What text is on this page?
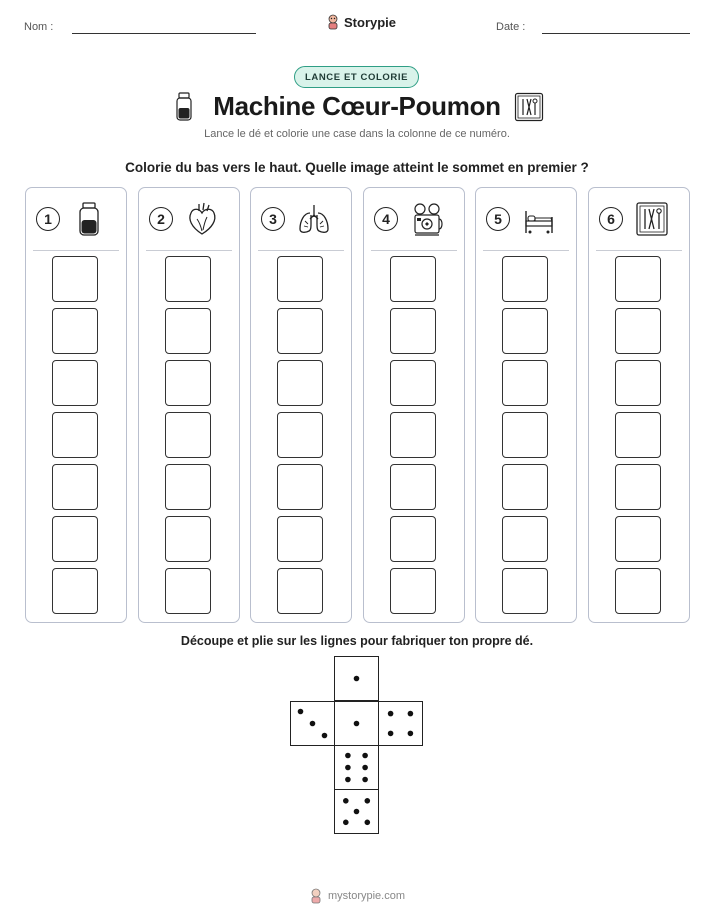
Nom :	Storypie	Date :
LANCE ET COLORIE
Machine Cœur-Poumon
Lance le dé et colorie une case dans la colonne de ce numéro.
Colorie du bas vers le haut. Quelle image atteint le sommet en premier ?
1	2	3	4	5	6
Découpe et plie sur les lignes pour fabriquer ton propre dé.
mystorypie.com
